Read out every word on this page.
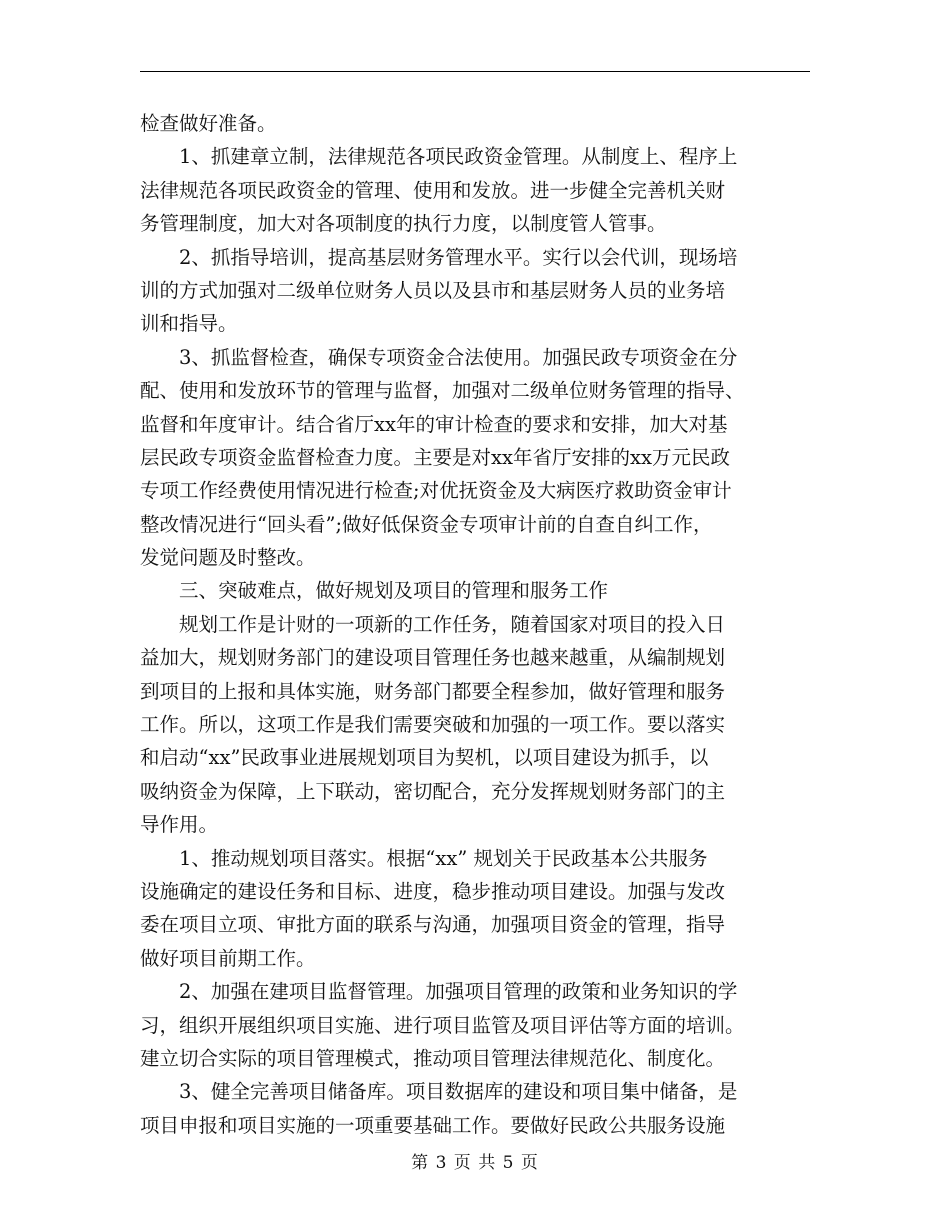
检查做好准备。
　　1、抓建章立制，法律规范各项民政资金管理。从制度上、程序上
法律规范各项民政资金的管理、使用和发放。进一步健全完善机关财
务管理制度，加大对各项制度的执行力度，以制度管人管事。
　　2、抓指导培训，提高基层财务管理水平。实行以会代训，现场培
训的方式加强对二级单位财务人员以及县市和基层财务人员的业务培
训和指导。
　　3、抓监督检查，确保专项资金合法使用。加强民政专项资金在分
配、使用和发放环节的管理与监督，加强对二级单位财务管理的指导、
监督和年度审计。结合省厅xx年的审计检查的要求和安排，加大对基
层民政专项资金监督检查力度。主要是对xx年省厅安排的xx万元民政
专项工作经费使用情况进行检查;对优抚资金及大病医疗救助资金审计
整改情况进行“回头看”;做好低保资金专项审计前的自查自纠工作，
发觉问题及时整改。
　　三、突破难点，做好规划及项目的管理和服务工作
　　规划工作是计财的一项新的工作任务，随着国家对项目的投入日
益加大，规划财务部门的建设项目管理任务也越来越重，从编制规划
到项目的上报和具体实施，财务部门都要全程参加，做好管理和服务
工作。所以，这项工作是我们需要突破和加强的一项工作。要以落实
和启动“xx”民政事业进展规划项目为契机，以项目建设为抓手，以
吸纳资金为保障，上下联动，密切配合，充分发挥规划财务部门的主
导作用。
　　1、推动规划项目落实。根据“xx” 规划关于民政基本公共服务
设施确定的建设任务和目标、进度，稳步推动项目建设。加强与发改
委在项目立项、审批方面的联系与沟通，加强项目资金的管理，指导
做好项目前期工作。
　　2、加强在建项目监督管理。加强项目管理的政策和业务知识的学
习，组织开展组织项目实施、进行项目监管及项目评估等方面的培训。
建立切合实际的项目管理模式，推动项目管理法律规范化、制度化。
　　3、健全完善项目储备库。项目数据库的建设和项目集中储备，是
项目申报和项目实施的一项重要基础工作。要做好民政公共服务设施
第 3 页 共 5 页
